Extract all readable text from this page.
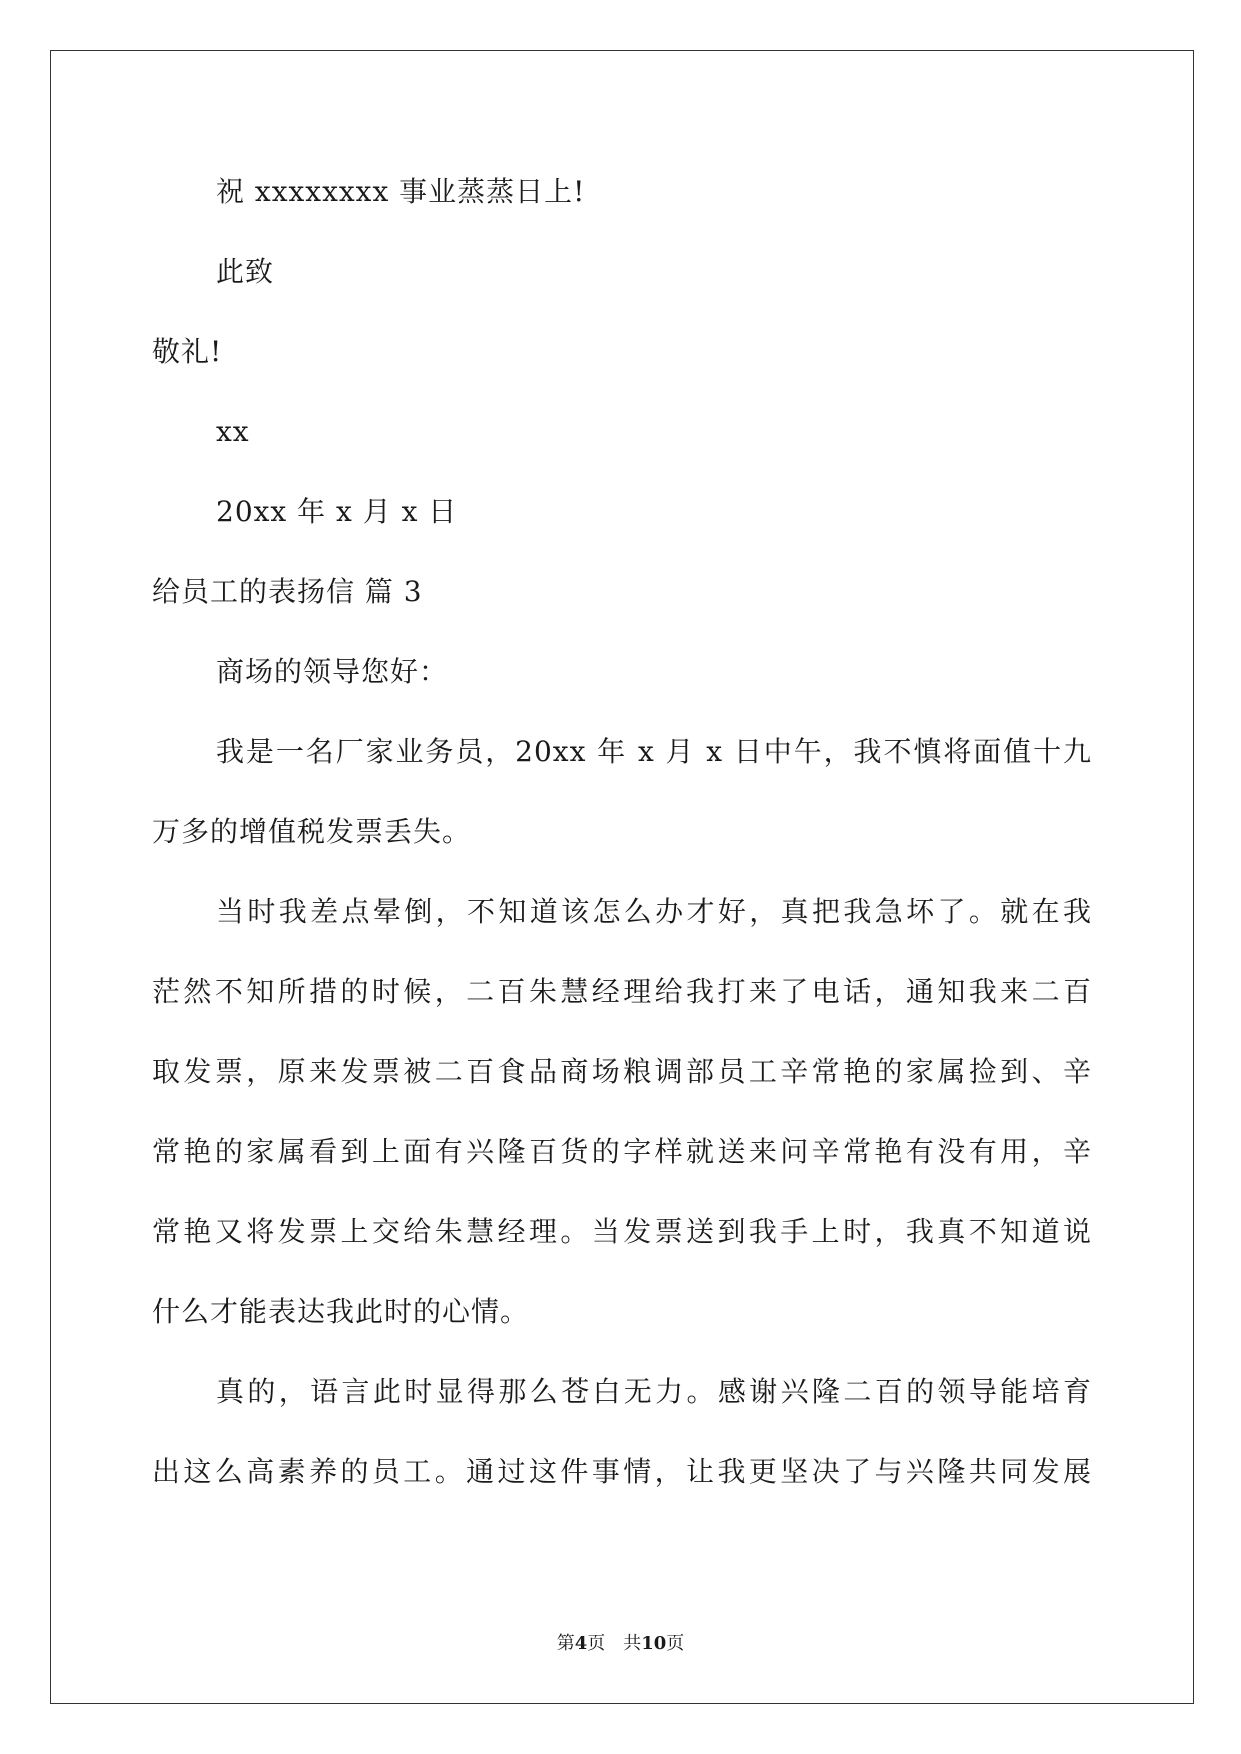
祝 xxxxxxxx 事业蒸蒸日上!
此致
敬礼!
xx
20xx 年 x 月 x 日
给员工的表扬信 篇 3
商场的领导您好：
我是一名厂家业务员，20xx 年 x 月 x 日中午，我不慎将面值十九
万多的增值税发票丢失。
当时我差点晕倒，不知道该怎么办才好，真把我急坏了。就在我
茫然不知所措的时候，二百朱慧经理给我打来了电话，通知我来二百
取发票，原来发票被二百食品商场粮调部员工辛常艳的家属捡到、辛
常艳的家属看到上面有兴隆百货的字样就送来问辛常艳有没有用，辛
常艳又将发票上交给朱慧经理。当发票送到我手上时，我真不知道说
什么才能表达我此时的心情。
真的，语言此时显得那么苍白无力。感谢兴隆二百的领导能培育
出这么高素养的员工。通过这件事情，让我更坚决了与兴隆共同发展
第4页 共10页
